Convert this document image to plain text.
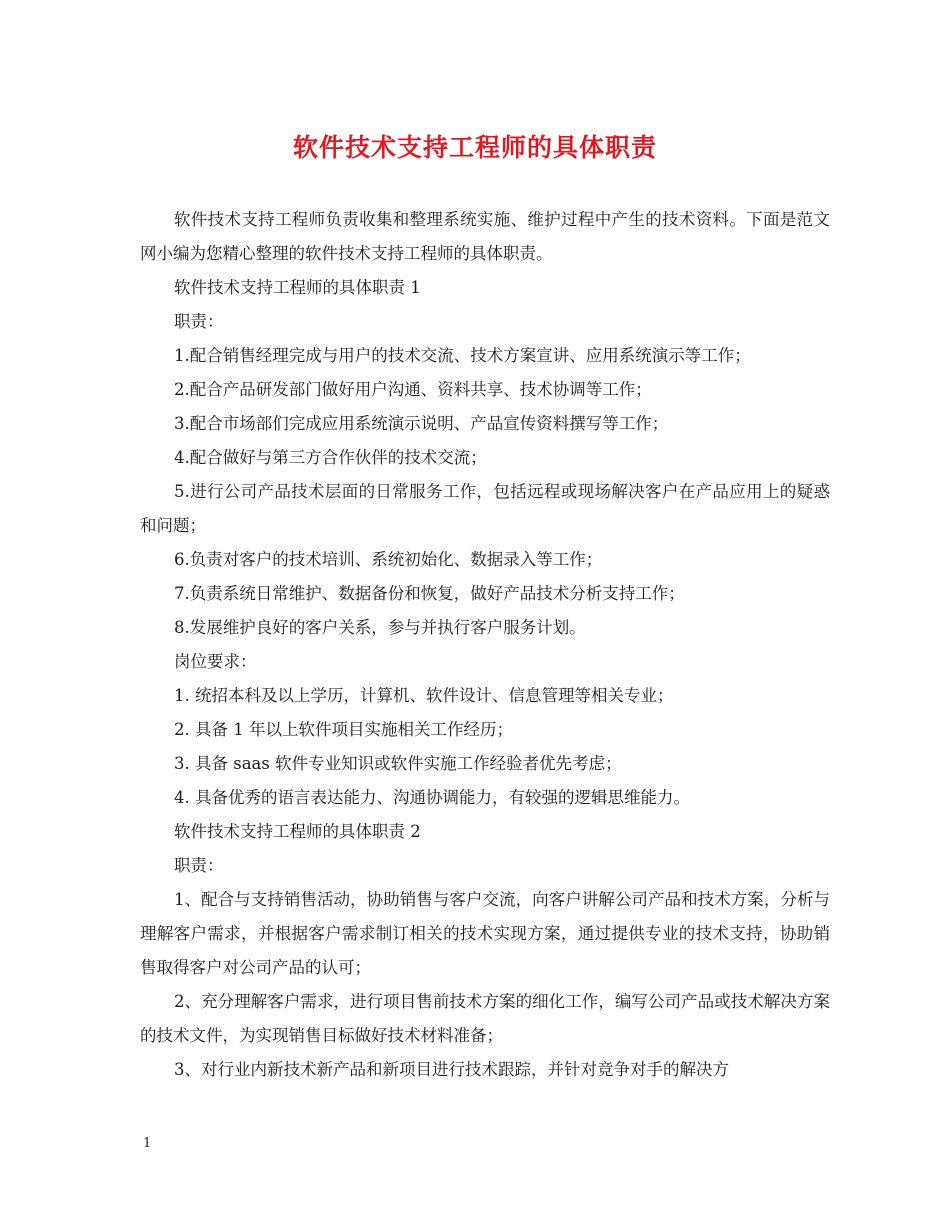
软件技术支持工程师的具体职责

软件技术支持工程师负责收集和整理系统实施、维护过程中产生的技术资料。下面是范文网小编为您精心整理的软件技术支持工程师的具体职责。

软件技术支持工程师的具体职责 1

职责：

1.配合销售经理完成与用户的技术交流、技术方案宣讲、应用系统演示等工作；

2.配合产品研发部门做好用户沟通、资料共享、技术协调等工作；

3.配合市场部们完成应用系统演示说明、产品宣传资料撰写等工作；

4.配合做好与第三方合作伙伴的技术交流；

5.进行公司产品技术层面的日常服务工作，包括远程或现场解决客户在产品应用上的疑惑和问题；

6.负责对客户的技术培训、系统初始化、数据录入等工作；

7.负责系统日常维护、数据备份和恢复，做好产品技术分析支持工作；

8.发展维护良好的客户关系，参与并执行客户服务计划。

岗位要求：

1. 统招本科及以上学历，计算机、软件设计、信息管理等相关专业；

2. 具备 1 年以上软件项目实施相关工作经历；

3. 具备 saas 软件专业知识或软件实施工作经验者优先考虑；

4. 具备优秀的语言表达能力、沟通协调能力，有较强的逻辑思维能力。

软件技术支持工程师的具体职责 2

职责：

1、配合与支持销售活动，协助销售与客户交流，向客户讲解公司产品和技术方案，分析与理解客户需求，并根据客户需求制订相关的技术实现方案，通过提供专业的技术支持，协助销售取得客户对公司产品的认可；

2、充分理解客户需求，进行项目售前技术方案的细化工作，编写公司产品或技术解决方案的技术文件，为实现销售目标做好技术材料准备；

3、对行业内新技术新产品和新项目进行技术跟踪，并针对竞争对手的解决方

1
